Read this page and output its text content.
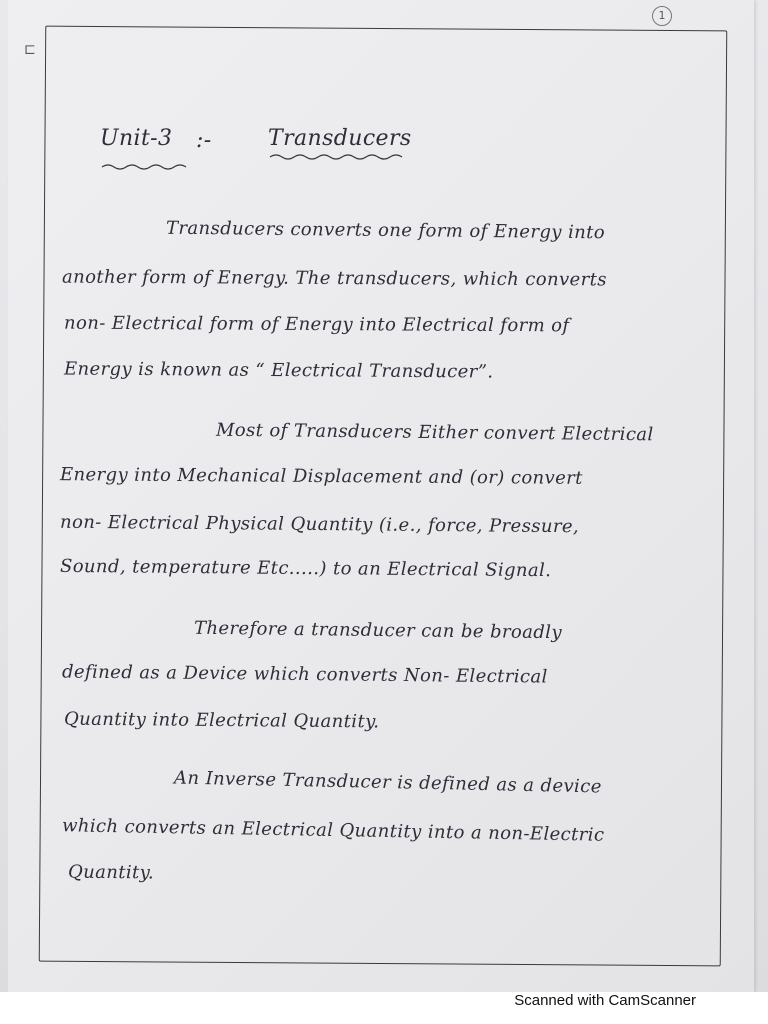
1
⊏
Unit-3 :-	Transducers
Transducers converts one form of Energy into
another form of Energy. The transducers, which converts
non- Electrical form of Energy into Electrical form of
Energy is known as “ Electrical Transducer”.
Most of Transducers Either convert Electrical
Energy into Mechanical Displacement and (or) convert
non- Electrical Physical Quantity (i.e., force, Pressure,
Sound, temperature Etc.....) to an Electrical Signal.
Therefore a transducer can be broadly
defined as a Device which converts Non- Electrical
Quantity into Electrical Quantity.
An Inverse Transducer is defined as a device
which converts an Electrical Quantity into a non-Electric
Quantity.
Scanned with CamScanner
